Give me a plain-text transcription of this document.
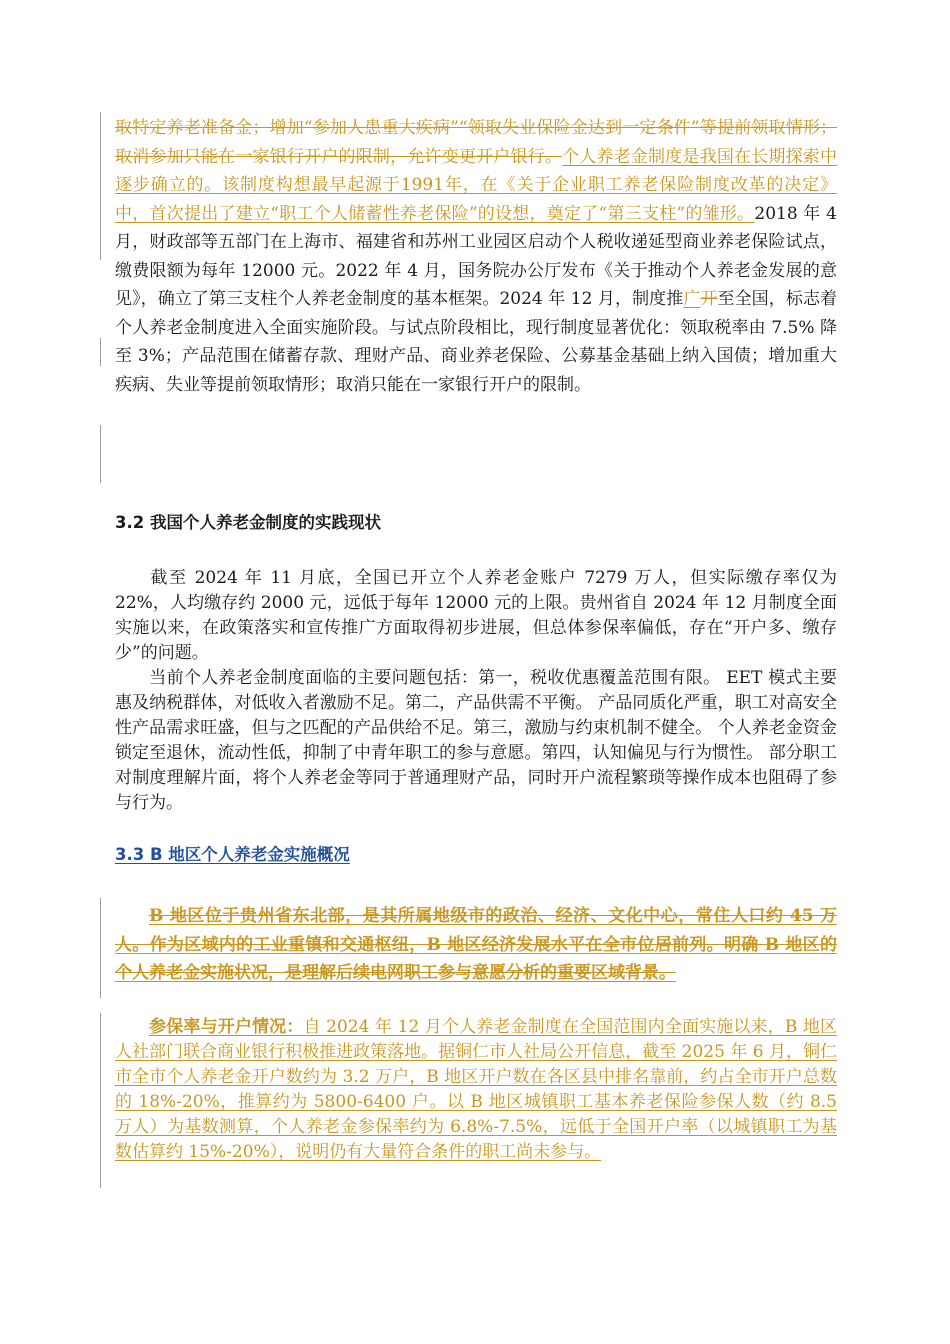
取特定养老准备金；增加“参加人患重大疾病”“领取失业保险金达到一定条件”等提前领取情形；取消参加只能在一家银行开户的限制，允许变更开户银行。个人养老金制度是我国在长期探索中逐步确立的。该制度构想最早起源于1991年，在《关于企业职工养老保险制度改革的决定》中，首次提出了建立“职工个人储蓄性养老保险”的设想，奠定了“第三支柱”的雏形。2018 年 4 月，财政部等五部门在上海市、福建省和苏州工业园区启动个人税收递延型商业养老保险试点，缴费限额为每年 12000 元。2022 年 4 月，国务院办公厅发布《关于推动个人养老金发展的意见》，确立了第三支柱个人养老金制度的基本框架。2024 年 12 月，制度推广开至全国，标志着个人养老金制度进入全面实施阶段。与试点阶段相比，现行制度显著优化：领取税率由 7.5% 降至 3%；产品范围在储蓄存款、理财产品、商业养老保险、公募基金基础上纳入国债；增加重大疾病、失业等提前领取情形；取消只能在一家银行开户的限制。
3.2 我国个人养老金制度的实践现状
截至 2024 年 11 月底，全国已开立个人养老金账户 7279 万人，但实际缴存率仅为 22%，人均缴存约 2000 元，远低于每年 12000 元的上限。贵州省自 2024 年 12 月制度全面实施以来，在政策落实和宣传推广方面取得初步进展，但总体参保率偏低，存在“开户多、缴存少”的问题。
当前个人养老金制度面临的主要问题包括：第一，税收优惠覆盖范围有限。 EET 模式主要惠及纳税群体，对低收入者激励不足。第二，产品供需不平衡。 产品同质化严重，职工对高安全性产品需求旺盛，但与之匹配的产品供给不足。第三，激励与约束机制不健全。 个人养老金资金锁定至退休，流动性低，抑制了中青年职工的参与意愿。第四，认知偏见与行为惯性。 部分职工对制度理解片面，将个人养老金等同于普通理财产品，同时开户流程繁琐等操作成本也阻碍了参与行为。
3.3 B 地区个人养老金实施概况
B 地区位于贵州省东北部，是其所属地级市的政治、经济、文化中心，常住人口约 45 万人。作为区域内的工业重镇和交通枢纽，B 地区经济发展水平在全市位居前列。明确 B 地区的个人养老金实施状况，是理解后续电网职工参与意愿分析的重要区域背景。
参保率与开户情况：自 2024 年 12 月个人养老金制度在全国范围内全面实施以来，B 地区人社部门联合商业银行积极推进政策落地。据铜仁市人社局公开信息，截至 2025 年 6 月，铜仁市全市个人养老金开户数约为 3.2 万户，B 地区开户数在各区县中排名靠前，约占全市开户总数的 18%-20%，推算约为 5800-6400 户。以 B 地区城镇职工基本养老保险参保人数（约 8.5 万人）为基数测算，个人养老金参保率约为 6.8%-7.5%，远低于全国开户率（以城镇职工为基数估算约 15%-20%），说明仍有大量符合条件的职工尚未参与。
